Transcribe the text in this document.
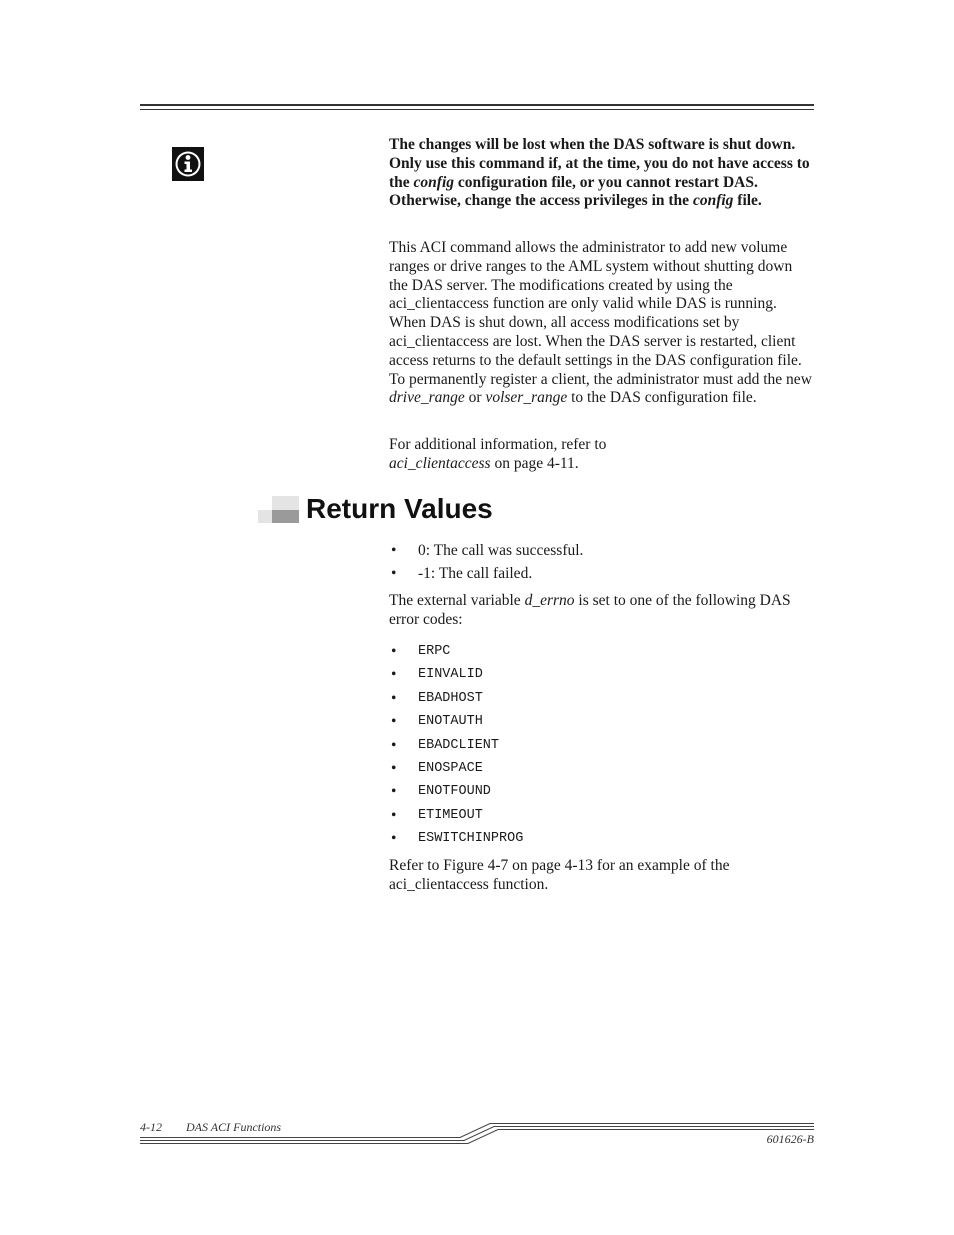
The changes will be lost when the DAS software is shut down. Only use this command if, at the time, you do not have access to the config configuration file, or you cannot restart DAS. Otherwise, change the access privileges in the config file.

This ACI command allows the administrator to add new volume ranges or drive ranges to the AML system without shutting down the DAS server. The modifications created by using the aci_clientaccess function are only valid while DAS is running. When DAS is shut down, all access modifications set by aci_clientaccess are lost. When the DAS server is restarted, client access returns to the default settings in the DAS configuration file. To permanently register a client, the administrator must add the new drive_range or volser_range to the DAS configuration file.

For additional information, refer to
aci_clientaccess on page 4-11.

Return Values
• 0: The call was successful.
• -1: The call failed.

The external variable d_errno is set to one of the following DAS error codes:

• ERPC
• EINVALID
• EBADHOST
• ENOTAUTH
• EBADCLIENT
• ENOSPACE
• ENOTFOUND
• ETIMEOUT
• ESWITCHINPROG

Refer to Figure 4-7 on page 4-13 for an example of the aci_clientaccess function.

4-12 DAS ACI Functions
601626-B
